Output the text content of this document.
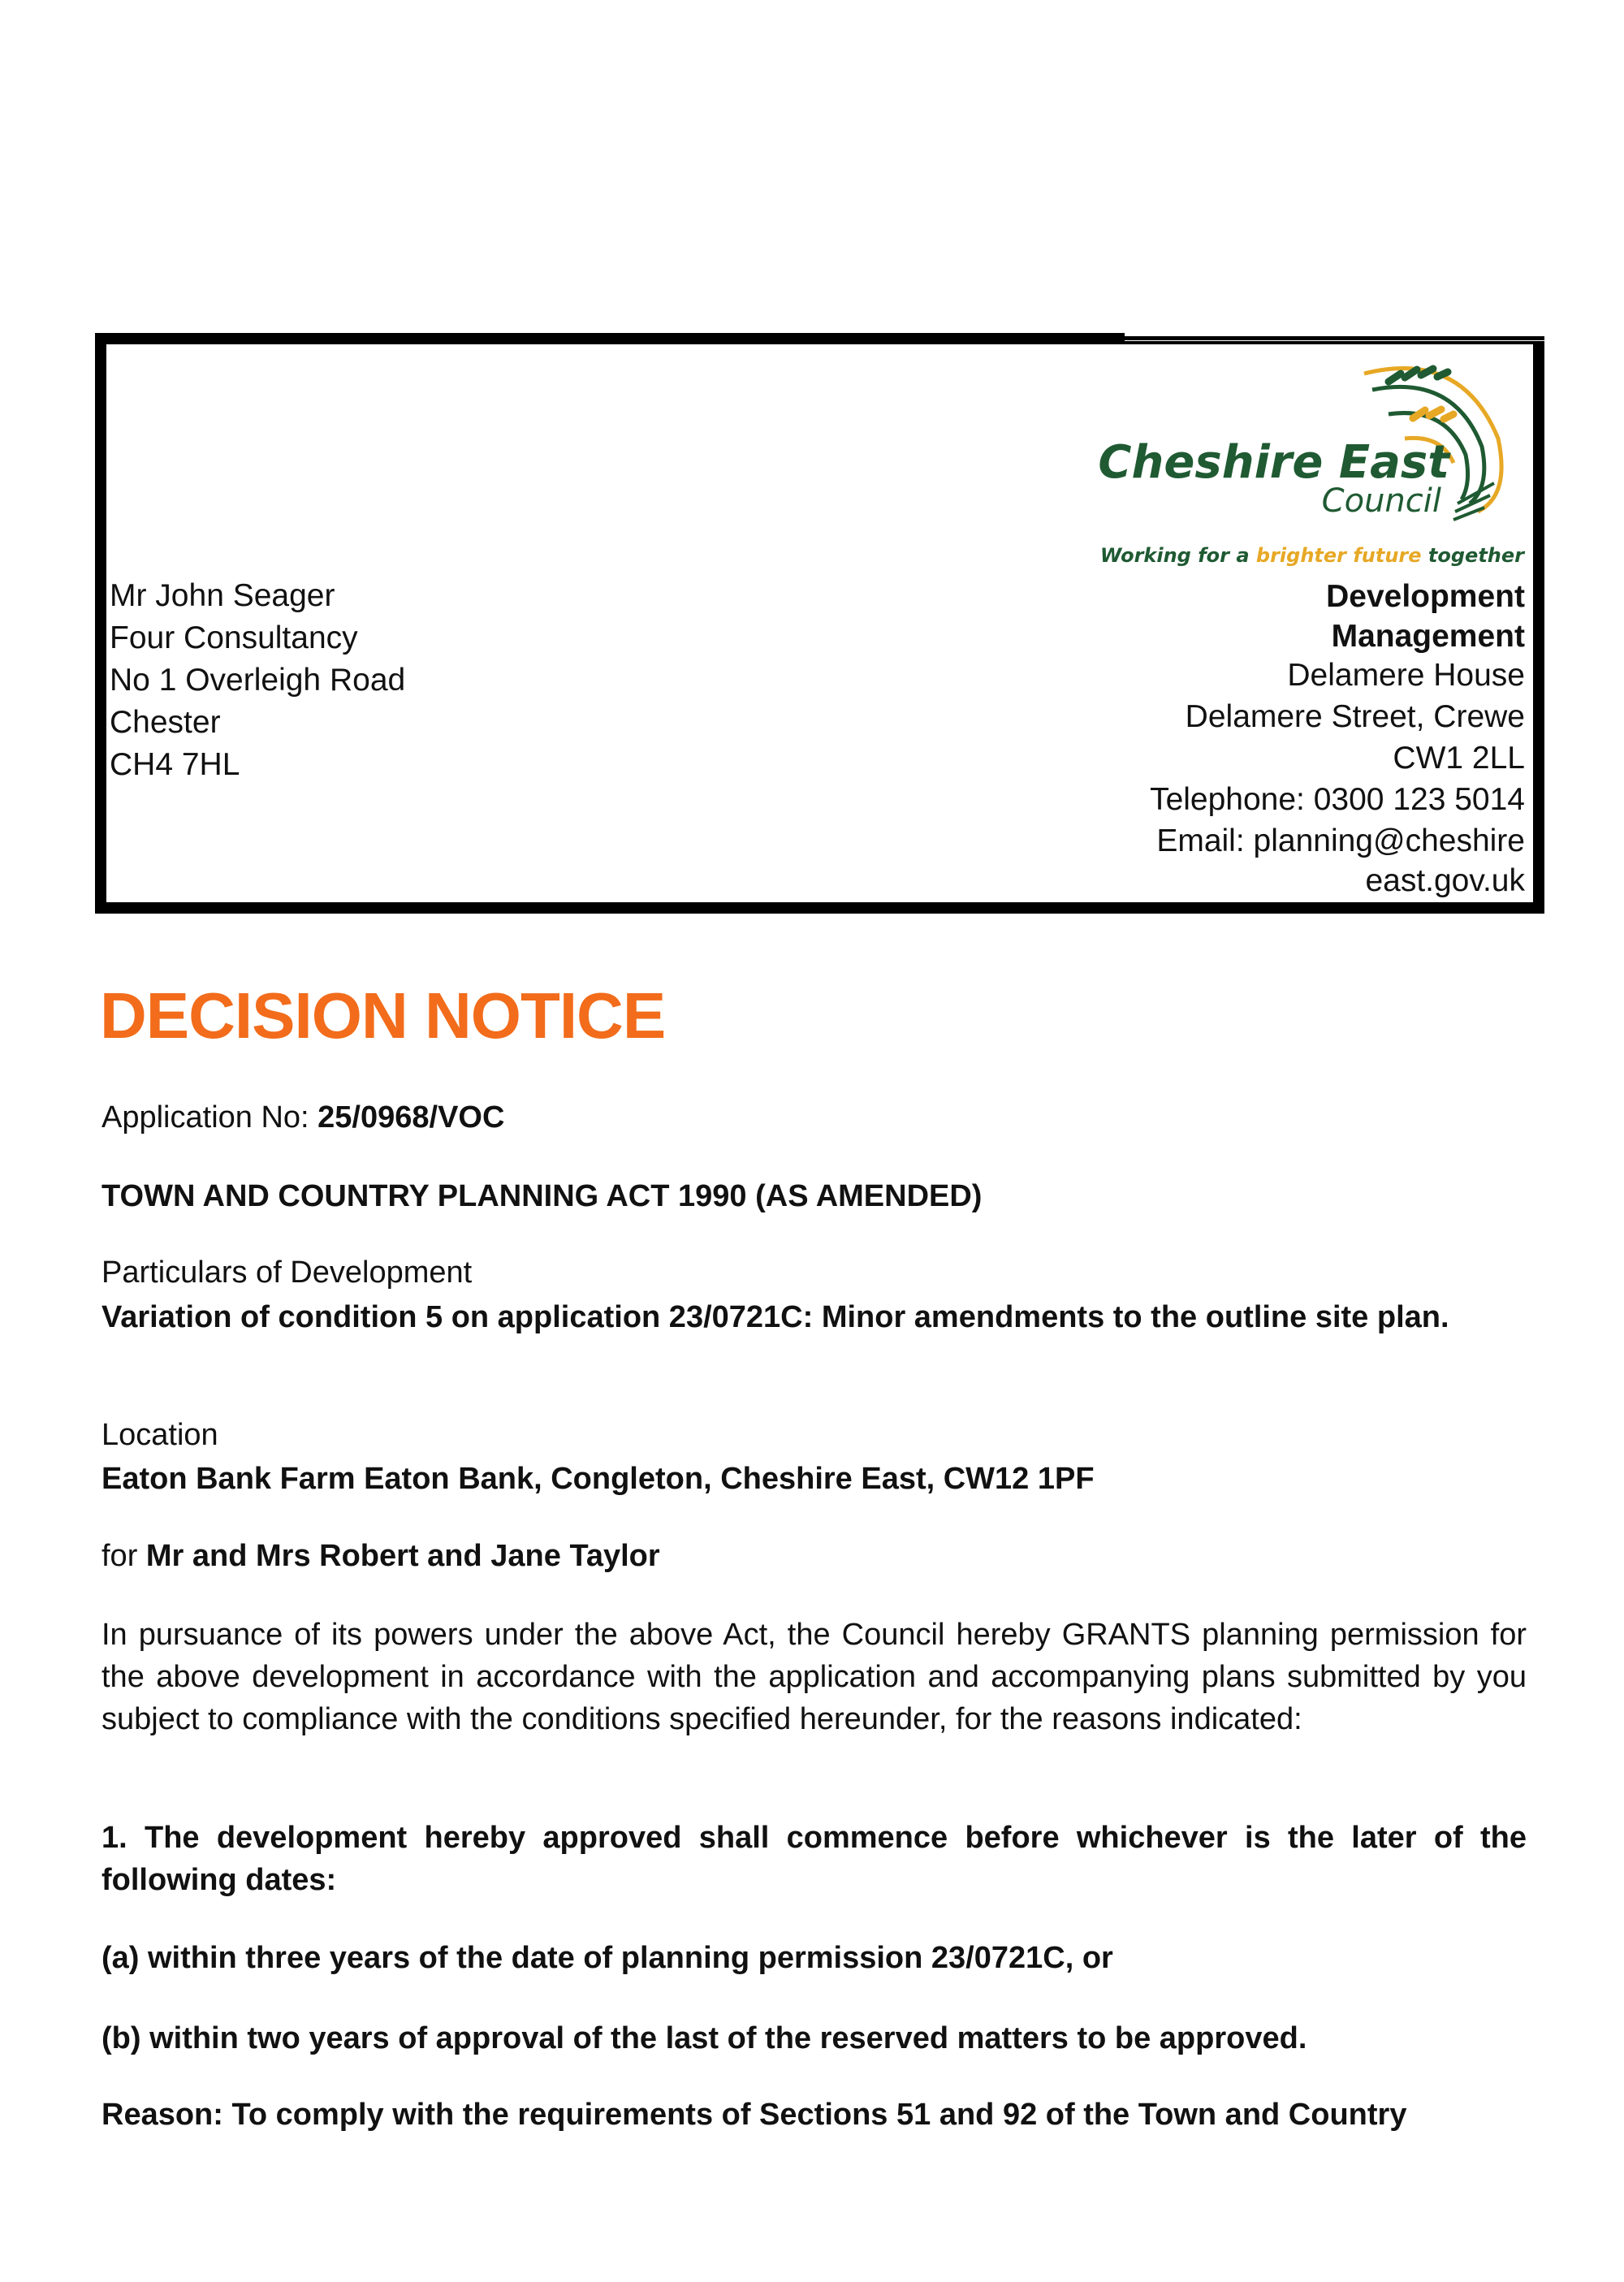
Cheshire East
Council
Working for a brighter future together
Mr John Seager
Four Consultancy
No 1 Overleigh Road
Chester
CH4 7HL
Development
Management
Delamere House
Delamere Street, Crewe
CW1 2LL
Telephone: 0300 123 5014
Email: planning@cheshire
east.gov.uk
DECISION NOTICE
Application No: 25/0968/VOC
TOWN AND COUNTRY PLANNING ACT 1990 (AS AMENDED)
Particulars of Development
Variation of condition 5 on application 23/0721C: Minor amendments to the outline site plan.
Location
Eaton Bank Farm Eaton Bank, Congleton, Cheshire East, CW12 1PF
for Mr and Mrs Robert and Jane Taylor
In pursuance of its powers under the above Act, the Council hereby GRANTS planning permission for the above development in accordance with the application and accompanying plans submitted by you subject to compliance with the conditions specified hereunder, for the reasons indicated:
1. The development hereby approved shall commence before whichever is the later of the following dates:
(a) within three years of the date of planning permission 23/0721C, or
(b) within two years of approval of the last of the reserved matters to be approved.
Reason: To comply with the requirements of Sections 51 and 92 of the Town and Country
